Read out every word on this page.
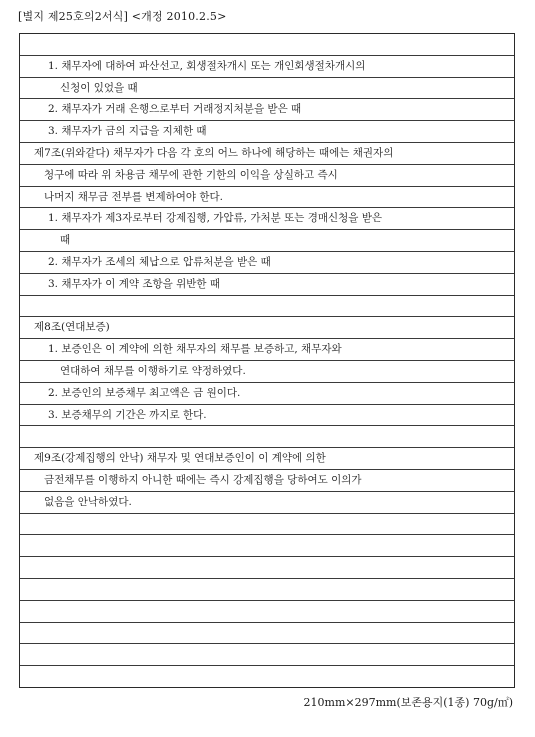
[별지 제25호의2서식] <개정 2010.2.5>
1. 채무자에 대하여 파산선고, 회생절차개시 또는 개인회생절차개시의
신청이 있었을 때
2. 채무자가 거래 은행으로부터 거래정지처분을 받은 때
3. 채무자가 금의 지급을 지체한 때
제7조(위와같다) 채무자가 다음 각 호의 어느 하나에 해당하는 때에는 채권자의
청구에 따라 위 차용금 채무에 관한 기한의 이익을 상실하고 즉시
나머지 채무금 전부를 변제하여야 한다.
1. 채무자가 제3자로부터 강제집행, 가압류, 가처분 또는 경매신청을 받은
때
2. 채무자가 조세의 체납으로 압류처분을 받은 때
3. 채무자가 이 계약 조항을 위반한 때
제8조(연대보증)
1. 보증인은 이 계약에 의한 채무자의 채무를 보증하고, 채무자와
연대하여 채무를 이행하기로 약정하였다.
2. 보증인의 보증채무 최고액은 금 원이다.
3. 보증채무의 기간은 까지로 한다.
제9조(강제집행의 안낙) 채무자 및 연대보증인이 이 계약에 의한
금전채무를 이행하지 아니한 때에는 즉시 강제집행을 당하여도 이의가
없음을 안낙하였다.
210mm×297mm(보존용지(1종) 70g/㎡)
